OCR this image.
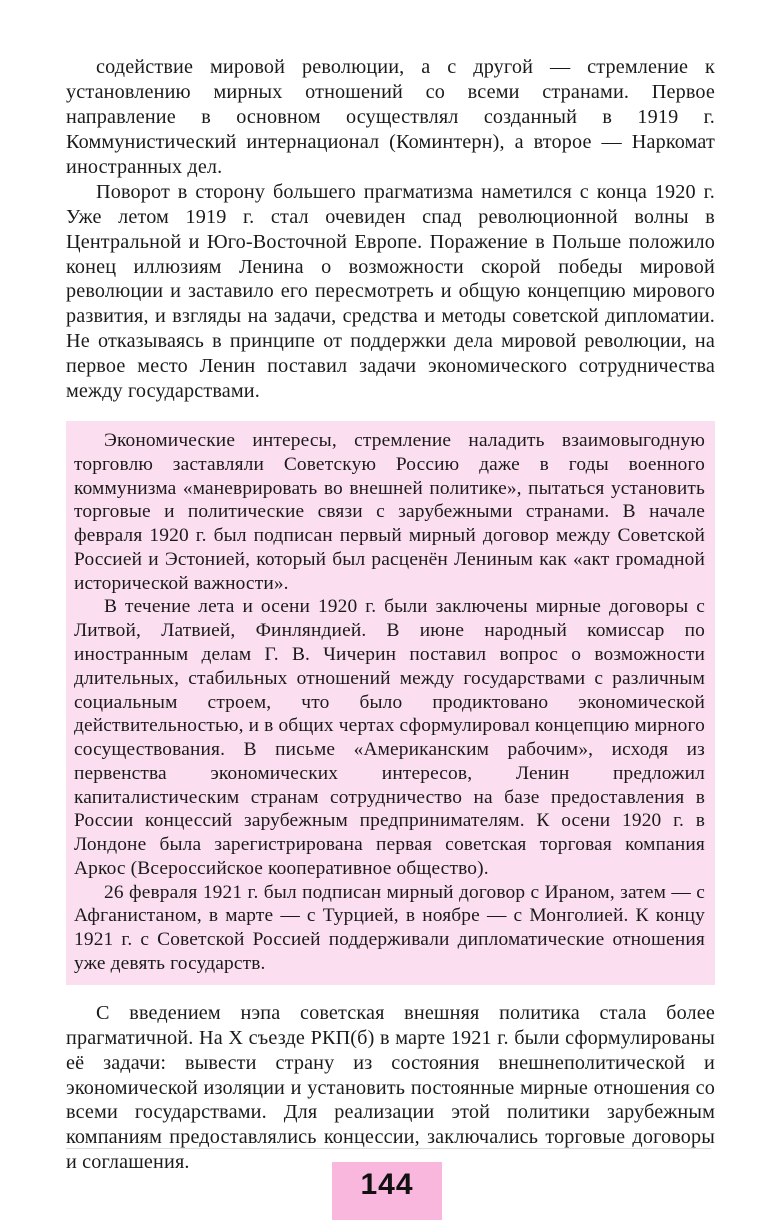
содействие мировой революции, а с другой — стремление к установлению мирных отношений со всеми странами. Первое направление в основном осуществлял созданный в 1919 г. Коммунистический интернационал (Коминтерн), а второе — Наркомат иностранных дел.

Поворот в сторону большего прагматизма наметился с конца 1920 г. Уже летом 1919 г. стал очевиден спад революционной волны в Центральной и Юго-Восточной Европе. Поражение в Польше положило конец иллюзиям Ленина о возможности скорой победы мировой революции и заставило его пересмотреть и общую концепцию мирового развития, и взгляды на задачи, средства и методы советской дипломатии. Не отказываясь в принципе от поддержки дела мировой революции, на первое место Ленин поставил задачи экономического сотрудничества между государствами.

Экономические интересы, стремление наладить взаимовыгодную торговлю заставляли Советскую Россию даже в годы военного коммунизма «маневрировать во внешней политике», пытаться установить торговые и политические связи с зарубежными странами. В начале февраля 1920 г. был подписан первый мирный договор между Советской Россией и Эстонией, который был расценён Лениным как «акт громадной исторической важности».

В течение лета и осени 1920 г. были заключены мирные договоры с Литвой, Латвией, Финляндией. В июне народный комиссар по иностранным делам Г. В. Чичерин поставил вопрос о возможности длительных, стабильных отношений между государствами с различным социальным строем, что было продиктовано экономической действительностью, и в общих чертах сформулировал концепцию мирного сосуществования. В письме «Американским рабочим», исходя из первенства экономических интересов, Ленин предложил капиталистическим странам сотрудничество на базе предоставления в России концессий зарубежным предпринимателям. К осени 1920 г. в Лондоне была зарегистрирована первая советская торговая компания Аркос (Всероссийское кооперативное общество).

26 февраля 1921 г. был подписан мирный договор с Ираном, затем — с Афганистаном, в марте — с Турцией, в ноябре — с Монголией. К концу 1921 г. с Советской Россией поддерживали дипломатические отношения уже девять государств.

С введением нэпа советская внешняя политика стала более прагматичной. На X съезде РКП(б) в марте 1921 г. были сформулированы её задачи: вывести страну из состояния внешнеполитической и экономической изоляции и установить постоянные мирные отношения со всеми государствами. Для реализации этой политики зарубежным компаниям предоставлялись концессии, заключались торговые договоры и соглашения.

144
